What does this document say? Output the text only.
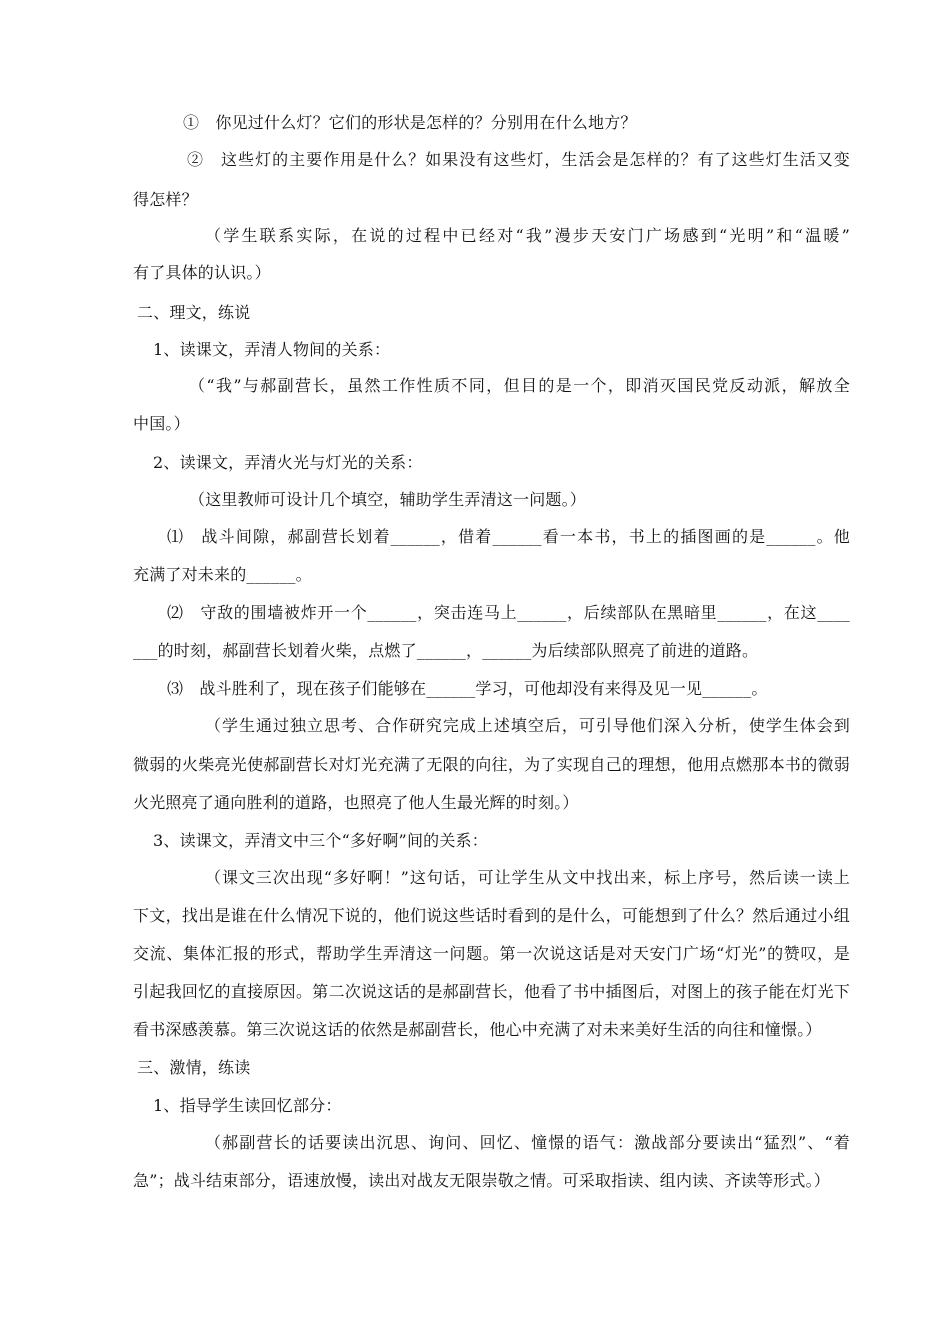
①　你见过什么灯？它们的形状是怎样的？分别用在什么地方？
②　这些灯的主要作用是什么？如果没有这些灯，生活会是怎样的？有了这些灯生活又变
得怎样？
（学生联系实际，在说的过程中已经对“我”漫步天安门广场感到“光明”和“温暖”
有了具体的认识。）
二、理文，练说
1、读课文，弄清人物间的关系：
（“我”与郝副营长，虽然工作性质不同，但目的是一个，即消灭国民党反动派，解放全
中国。）
2、读课文，弄清火光与灯光的关系：
（这里教师可设计几个填空，辅助学生弄清这一问题。）
⑴　战斗间隙，郝副营长划着______，借着______看一本书，书上的插图画的是______。他
充满了对未来的______。
⑵　守敌的围墙被炸开一个______，突击连马上______，后续部队在黑暗里______，在这____
___的时刻，郝副营长划着火柴，点燃了______，______为后续部队照亮了前进的道路。
⑶　战斗胜利了，现在孩子们能够在______学习，可他却没有来得及见一见______。
（学生通过独立思考、合作研究完成上述填空后，可引导他们深入分析，使学生体会到
微弱的火柴亮光使郝副营长对灯光充满了无限的向往，为了实现自己的理想，他用点燃那本书的微弱
火光照亮了通向胜利的道路，也照亮了他人生最光辉的时刻。）
3、读课文，弄清文中三个“多好啊”间的关系：
（课文三次出现“多好啊！”这句话，可让学生从文中找出来，标上序号，然后读一读上
下文，找出是谁在什么情况下说的，他们说这些话时看到的是什么，可能想到了什么？然后通过小组
交流、集体汇报的形式，帮助学生弄清这一问题。第一次说这话是对天安门广场“灯光”的赞叹，是
引起我回忆的直接原因。第二次说这话的是郝副营长，他看了书中插图后，对图上的孩子能在灯光下
看书深感羡慕。第三次说这话的依然是郝副营长，他心中充满了对未来美好生活的向往和憧憬。）
三、激情，练读
1、指导学生读回忆部分：
（郝副营长的话要读出沉思、询问、回忆、憧憬的语气：激战部分要读出“猛烈”、“着
急”；战斗结束部分，语速放慢，读出对战友无限崇敬之情。可采取指读、组内读、齐读等形式。）
